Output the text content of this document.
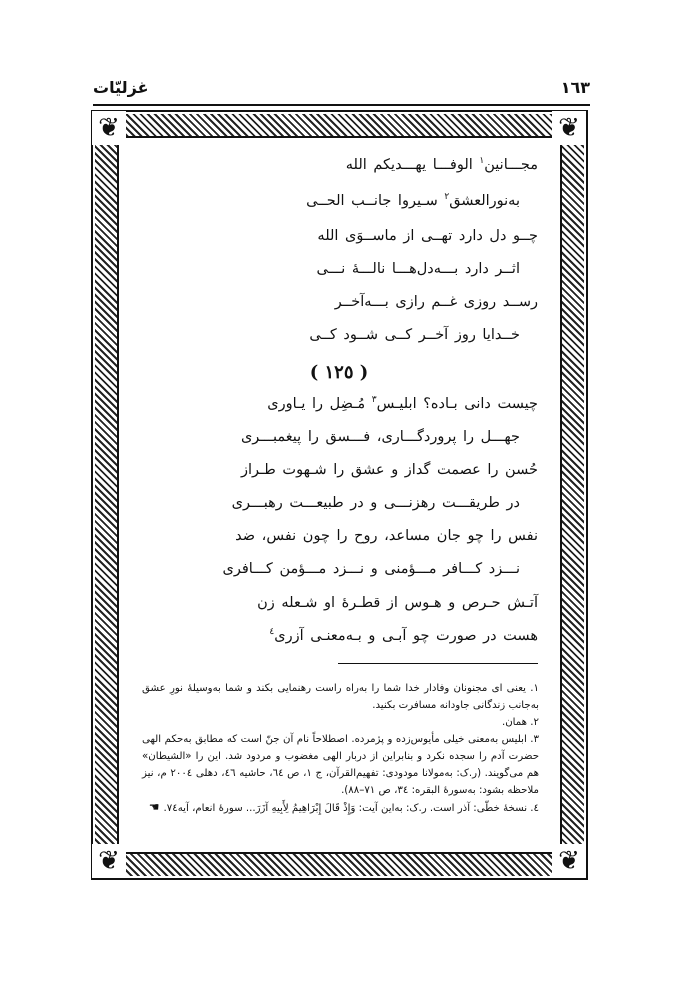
١٦٣
غزلیّات
❦	❦
❦	❦
مجـــانین$^١$ الوفـــا یهـــدیکم الله
به‌نورالعشق$^٢$ سـیروا جانــب الحــی
چــو دل دارد تهــی از ماســوَی الله
اثــر دارد بـــه‌دل‌هـــا نالـــۀ نـــی
رســد روزی غــم رازی بـــه‌آخــر
خــدایا روز آخــر کــی شــود کــی
( ١٢٥ )
چیست دانی بـاده؟ ابلیـس$^٣$ مُـضِل را یـاوری
جهـــل را پروردگـــاری، فـــسق را پیغمبـــری
حُسن را عصمت گداز و عشق را شـهوت طـراز
در طریقـــت رهزنـــی و در طبیعـــت رهبـــری
نفس را چو جان مساعد، روح را چون نفس، ضد
نـــزد کـــافر مـــؤمنی و نـــزد مـــؤمن کـــافری
آتـش حـرص و هـوس از قطـرۀ او شـعله زن
هست در صورت چو آبـی و بـه‌معنـی آزری$^٤$
١. یعنی ای مجنونان وفادار خدا شما را به‌راه راست رهنمایی بکند و شما به‌وسیلۀ نورِ عشق به‌جانب زندگانی جاودانه مسافرت بکنید.
٢. همان.
٣. ابلیس به‌معنی خیلی مأیوس‌زده و پژمرده. اصطلاحاً نام آن جنّ است که مطابق به‌حکم الهی حضرت آدم را سجده نکرد و بنابراین از دربار الهی مغضوب و مردود شد. این را «الشیطان» هم می‌گویند. (ر.ک: به‌مولانا مودودی: تفهیم‌القرآن، ج ١، ص ٦٤، حاشیه ٤٦، دهلی ٢٠٠٤ م، نیز ملاحظه بشود: به‌سورۀ البقره: ٣٤، ص ٧١–٨٨).
٤. نسخۀ خطّی: آذر است. ر.ک: به‌این آیت: وَإِذْ قَالَ إِبْرَاهِيمُ لِأَبِيهِ آزَرَ... سورۀ انعام، آیه٧٤.☚
